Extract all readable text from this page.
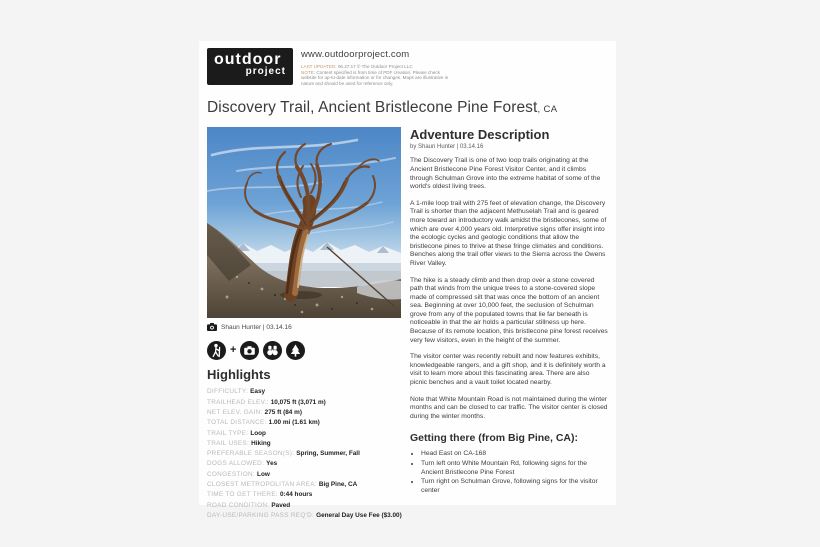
outdoor
project
www.outdoorproject.com
LAST UPDATED: 06.27.17 © The Outdoor Project LLC
NOTE: Content specified is from time of PDF creation. Please check website for up-to-date information or for changes. Maps are illustrative in nature and should be used for reference only.
Discovery Trail, Ancient Bristlecone Pine Forest, CA
Shaun Hunter | 03.14.16
+
Highlights
DIFFICULTY: Easy
TRAILHEAD ELEV.: 10,075 ft (3,071 m)
NET ELEV. GAIN: 275 ft (84 m)
TOTAL DISTANCE: 1.00 mi (1.61 km)
TRAIL TYPE: Loop
TRAIL USES: Hiking
PREFERABLE SEASON(S): Spring, Summer, Fall
DOGS ALLOWED: Yes
CONGESTION: Low
CLOSEST METROPOLITAN AREA: Big Pine, CA
TIME TO GET THERE: 0:44 hours
ROAD CONDITION: Paved
DAY-USE/PARKING PASS REQ'D: General Day Use Fee ($3.00)
Adventure Description
by Shaun Hunter | 03.14.16

The Discovery Trail is one of two loop trails originating at the Ancient Bristlecone Pine Forest Visitor Center, and it climbs through Schulman Grove into the extreme habitat of some of the world's oldest living trees.

A 1-mile loop trail with 275 feet of elevation change, the Discovery Trail is shorter than the adjacent Methuselah Trail and is geared more toward an introductory walk amidst the bristlecones, some of which are over 4,000 years old. Interpretive signs offer insight into the ecologic cycles and geologic conditions that allow the bristlecone pines to thrive at these fringe climates and conditions. Benches along the trail offer views to the Sierra across the Owens River Valley.

The hike is a steady climb and then drop over a stone covered path that winds from the unique trees to a stone-covered slope made of compressed silt that was once the bottom of an ancient sea. Beginning at over 10,000 feet, the seclusion of Schulman grove from any of the populated towns that lie far beneath is noticeable in that the air holds a particular stillness up here. Because of its remote location, this bristlecone pine forest receives very few visitors, even in the height of the summer.

The visitor center was recently rebuilt and now features exhibits, knowledgeable rangers, and a gift shop, and it is definitely worth a visit to learn more about this fascinating area. There are also picnic benches and a vault toilet located nearby.

Note that White Mountain Road is not maintained during the winter months and can be closed to car traffic. The visitor center is closed during the winter months.

Getting there (from Big Pine, CA):
• Head East on CA-168
• Turn left onto White Mountain Rd, following signs for the Ancient Bristlecone Pine Forest
• Turn right on Schulman Grove, following signs for the visitor center
